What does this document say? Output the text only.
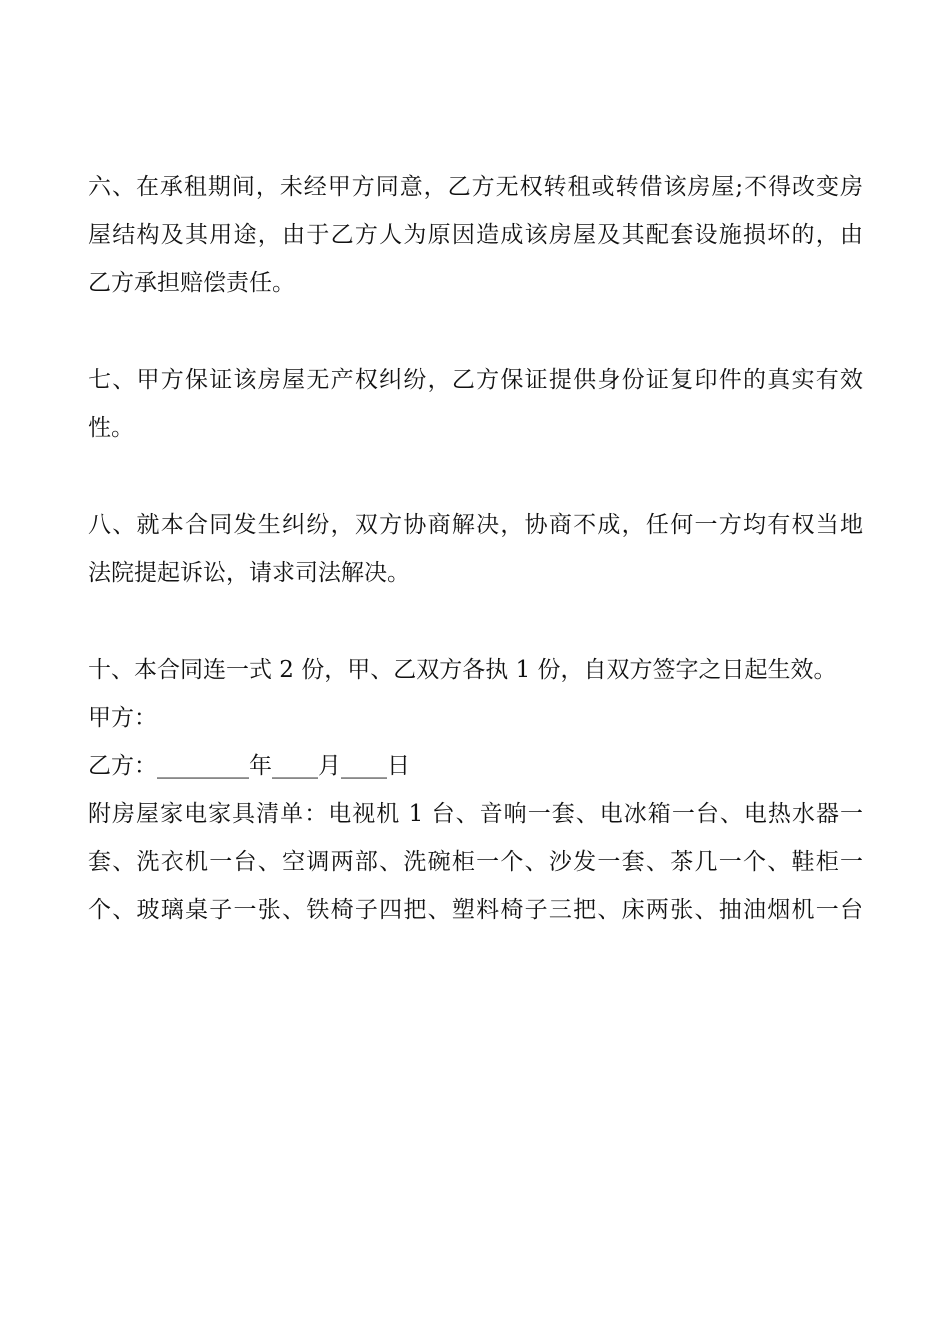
六、在承租期间，未经甲方同意，乙方无权转租或转借该房屋;不得改变房
屋结构及其用途，由于乙方人为原因造成该房屋及其配套设施损坏的，由
乙方承担赔偿责任。
七、甲方保证该房屋无产权纠纷，乙方保证提供身份证复印件的真实有效
性。
八、就本合同发生纠纷，双方协商解决，协商不成，任何一方均有权当地
法院提起诉讼，请求司法解决。
十、本合同连一式 2 份，甲、乙双方各执 1 份，自双方签字之日起生效。
甲方：
乙方：________年____月____日
附房屋家电家具清单：电视机 1 台、音响一套、电冰箱一台、电热水器一
套、洗衣机一台、空调两部、洗碗柜一个、沙发一套、茶几一个、鞋柜一
个、玻璃桌子一张、铁椅子四把、塑料椅子三把、床两张、抽油烟机一台
